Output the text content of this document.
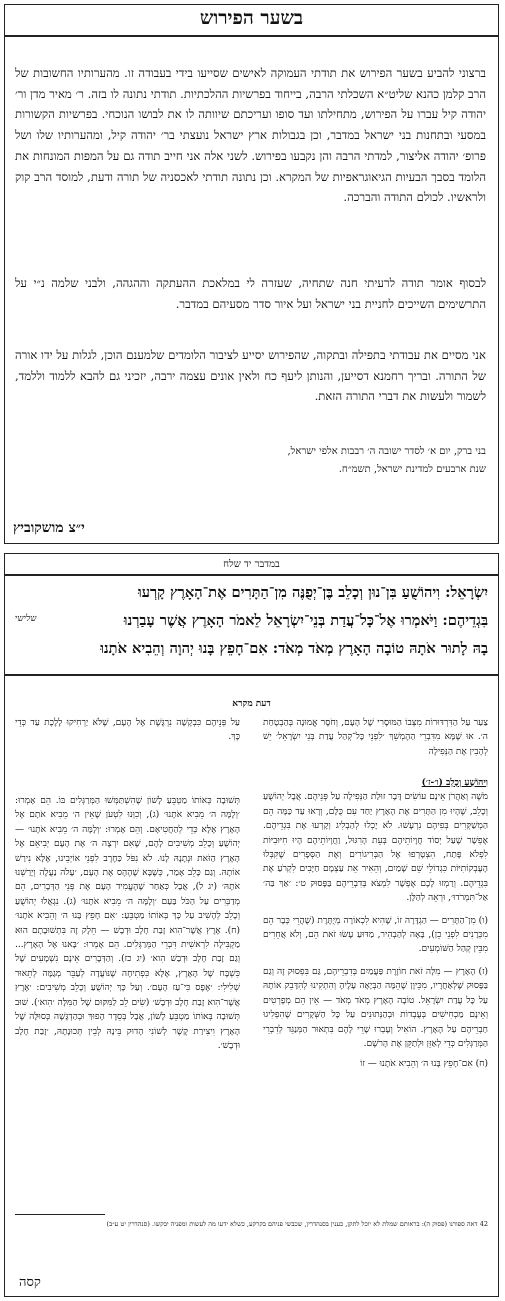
בשער הפירוש
ברצוני להביע בשער הפירוש את תודתי העמוקה לאישים שסייעו בידי בעבודה זו. מהערותיו החשובות של הרב קלמן כהנא שליט״א השכלתי הרבה, בייחוד בפרשיות ההלכתיות. תודתי נתונה לו בזה. ר׳ מאיר מדן ור׳ יהודה קיל עברו על הפירוש, מתחילתו ועד סופו ועריכתם שיוותה לו את לבושו הנוכחי. בפרשיות הקשורות במסעי ובתחנות בני ישראל במדבר, וכן בגבולות ארץ ישראל נועצתי בר׳ יהודה קיל, ומהערותיו שלו ושל פרופ׳ יהודה אליצור, למדתי הרבה והן נקבעו בפירוש. לשני אלה אני חייב תודה גם על המפות המונחות את הלומד בסבך הבעיות הגיאוגראפיות של המקרא. וכן נתונה תודתי לאכסניה של תורה ודעת, למוסד הרב קוק ולראשיו. לכולם התודה והברכה.
לבסוף אומר תודה לרעיתי חנה שתחיה, שעזרה לי במלאכת ההעתקה וההגהה, ולבני שלמה נ״י על התרשימים השייכים לחניית בני ישראל ועל איור סדר מסעיהם במדבר.
אני מסיים את עבודתי בתפילה ובתקוה, שהפירוש יסייע לציבור הלומדים שלמענם הוכן, לגלות על ידו אורה של התורה. ובריך רחמנא דסייען, והנותן ליעף כח ולאין אונים עצמה ירבה, יזכיני גם להבא ללמוד וללמד, לשמור ולעשות את דברי התורה הזאת.
בני ברק, יום א׳ לסדר ישובה ה׳ רבבות אלפי ישראל,
שנת ארבעים למדינת ישראל, תשמ״ח.
י״צ מושקוביץ
במדבר יד שלח
יִשְׂרָאֵל: וִיהוֹשֻׁעַ בִּן־נוּן וְכָלֵב בֶּן־יְפֻנֶּה מִן־הַתָּרִים אֶת־הָאָרֶץ קָרְעוּ
בִּגְדֵיהֶם: וַיֹּאמְרוּ אֶל־כָּל־עֲדַת בְּנֵי־יִשְׂרָאֵל לֵאמֹר הָאָרֶץ אֲשֶׁר עָבַרְנוּ
בָהּ לָתוּר אֹתָהּ טוֹבָה הָאָרֶץ מְאֹד מְאֹד: אִם־חָפֵץ בָּנוּ יְהוָה וְהֵבִיא אֹתָנוּ
שלישי
דעת מקרא
צַעַר עַל הַדִּרְדּוּרוֹת מִצְּבוֹ הַמּוּסָרִי שֶׁל הָעָם, וְחֹסֶר אֱמוּנָה בְּהַבְטָחַת ה׳. אוּ שֶׁמָּא מִדִּבְרֵי הַהֶמְשֵׁךְ ׳לִפְנֵי כָּל־קְהַל עֲדַת בְּנֵי יִשְׂרָאֵל׳ יֵשׁ לְהָבִין אֶת הַנְּפִילָה
עַל פְּנֵיהֶם כִּבְקָשָׁה נִרְגֶּשֶׁת אֶל הָעָם, שֶׁלֹּא יַרְחִיקוּ לָלֶכֶת עַד כְּדֵי כָּךְ.
וִיהוֹשֻׁעַ וְכָלֵב (ו׳-ז׳)
מֹשֶׁה וְאַהֲרֹן אֵינָם עוֹשִׂים דָּבָר זוּלַת הַנְּפִילָה עַל פְּנֵיהֶם. אֲבָל יְהוֹשֻׁעַ וְכָלֵב, שֶׁהָיוּ מִן הַתָּרִים אֶת הָאָרֶץ יַחַד עִם כֻּלָּם, וְרָאוּ עַד כַּמָּה הֵם הַמְשַׁקְּרִים בְּפִיהֶם נִרְעָשׁוּ. לֹא יָכְלוּ לְהַבְלִיג וְקָרְעוּ אֶת בִּגְדֵיהֶם. אֶפְשָׁר שֶׁעַל יְסוֹד חֲוָיוֹתֵיהֶם בְּעֵת הָרִגּוּל, וַחֲוָיוֹתֵיהֶם הָיוּ חִיּוּבִיּוֹת לִפְלֹא פֶּתַח, הִצְטָרְפוּ אֶל הַבְּרִיגוֹרִים וְאֶת הַסְּפָרִים שֶׁקִּבְּלוּ הָעֶבְקוֹתִיּוֹת כִּגְדוֹלֵי שֵׁם שָׁמַיִם, וְהֵאִיר אֵת עַצְמָם חַיָּבִים לִקְרֹעַ אֶת בִּגְדֵיהֶם. וְרַמְזוּ לָכֶם אֶפְשָׁר לִמְצֹא בְּדִבְרֵיהֶם בַּפָּסוּק ט׳: ׳אַךְ בַּה׳ אַל־תִּמְרֹדוּ׳, וּרְאֵה לְהַלָּן.
(ו) מִן־הַתָּרִים — הַגְדָּרָה זוֹ, שֶׁהִיא לִכְאוֹרָה מְיֻתֶּרֶת (שֶׁהֲרֵי כְּבָר הֵם מִכְּרָנִים לִפְנֵי כֵן), בָּאָה לְהַבְהִיר, מַדּוּעַ עָשׂוּ זֹאת הֵם, וְלֹא אֲחֵרִים מִבֵּין קְהַל הַשּׁוֹמְעִים.
(ז) הָאָרֶץ — מִלָּה זֹאת חוֹזֶרֶת פַּעֲמַיִם בְּדִבְרֵיהֶם, גַּם בִּפְסוּק זֶה וְגַם בַּפָּסוּק שֶׁלְּאַחֲרָיו, מִכֵּיוָן שֶׁהֵמָּה הַבְּיָאָה עָלֶיהָ וְהִתְקִינוּ לְהִדָּבֵק אוֹתָהּ עַל כָּל עֲדַת יִשְׂרָאֵל. טוֹבָה הָאָרֶץ מְאֹד מְאֹד — אֵין הֵם מְפָרְטִים וְאֵינָם מַכְחִישִׁים בְּעֻבְדוֹת וּבְהַנְּתוּנִים עַל כָּל הַשְּׁקָרִים שֶׁהִפְלִיגוּ חַבְרֵיהֶם עַל הָאָרֶץ. הוֹאִיל וְעָבְרוּ שָׁרֵי לָהֶם בִּתְאוּר הַמְּנַגֵּד לְדִבְרֵי הַמְּרַגְּלִים כְּדֵי לְאַזֵּן וּלְתַקֵּן אֶת הָרֹשֶׁם.
(ח) אִם־חָפֵץ בָּנוּ ה׳ וְהֵבִיא אֹתָנוּ — זוֹ
תְּשׁוּבָה כְּאוֹתוֹ מַטְבֵּעַ לָשׁוֹן שֶׁהִשְׁתַּמְּשׁוּ הַמְּרַגְּלִים בּוֹ. הֵם אָמְרוּ: ׳וְלָמָּה ה׳ מֵבִיא אֹתָנוּ׳ (ג), וְכִוְּנוּ לִטְעֹן שֶׁאֵין ה׳ מֵבִיא אֹתָם אֶל הָאָרֶץ אֶלָּא כְּדֵי לְהַחֲטִיאָם. וְהֵם אָמְרוּ: ׳וְלָמָּה ה׳ מֵבִיא אֹתָנוּ׳ — יְהוֹשֻׁעַ וְכָלֵב מְשִׁיבִים לָהֶם, שֶׁאִם יִרְצֶה ה׳ אֶת הָעָם יְבִיאֵם אֶל הָאָרֶץ הַזֹּאת וּנְתָנָהּ לָנוּ. לֹא נִפֹּל כַּחֶרֶב לִפְנֵי אוֹיְבֵינוּ, אֶלָּא נִירַשׁ אוֹתָהּ. וְגַם כָּלֵב אָמַר, כְּשֶׁבָּא שֶׁהֶהֶס אֶת הָעָם, ׳עָלֹה נַעֲלֶה וְיָרַשְׁנוּ אֹתָהּ׳ (יג ל), אֲבָל כְּאַחַר שֶׁהֶעֱמִיד הָעָם אֶת פְּנֵי הַדְּבָרִים, הֵם מְדַבְּרִים עַל הַכֹּל בַּעַם ׳וְלָמָּה ה׳ מֵבִיא אֹתָנוּ׳ (ג). נִגְאֲלוּ יְהוֹשֻׁעַ וְכָלֵב לְהָשִׁיב עַל כָּךְ בְּאוֹתוֹ מַטְבֵּעַ: ׳אִם חָפֵץ בָּנוּ ה׳ וְהֵבִיא אֹתָנוּ׳ (ח). אֶרֶץ אֲשֶׁר־הִוא זָבַת חָלָב וּדְבָשׁ — חֵלֶק זֶה בִּתְשׁוּבָתָם הוּא מַקְבִּילָה לִרְאשִׁית דִּבְרֵי הַמְּרַגְּלִים. הֵם אָמְרוּ: ׳בָּאנוּ אֶל הָאָרֶץ... וְגַם זָבַת חָלָב וּדְבַשׁ הִוא׳ (יג כז). וְהַדְּבָרִים אֵינָם נִשְׁמָעִים שֶׁל כִּשְׁבָּח שֶׁל הָאָרֶץ, אֶלָּא כִּפְתִיחָה שֶׁנּוֹעֲדָה לְעַבֵּר מְגַמָּה לְתֵאוּר שְׁלִילִי: ׳אֶפֶס כִּי־עַז הָעָם׳. וְעַל כָּךְ יְהוֹשֻׁעַ וְכָלֵב מְשִׁיבִים: ׳אֶרֶץ אֲשֶׁר־הִוא זָבַת חָלָב וּדְבָשׁ׳ (שִׂים לֵב לַמִּקּוּם שֶׁל הַמִּלָּה ׳הִוא׳). שׁוּב תְּשׁוּבָה בְּאוֹתוֹ מַטְבֵּעַ לָשׁוֹן, אֲבָל בְּסֵדֶר הָפוּךְ וּבְהַדְגָּשָׁה כְּסוּלָּה שֶׁל הָאָרֶץ וִיצִירַת קֶשֶׁר לְשׁוֹנִי הָדוּק בֵּינָהּ לְבֵין תְּכוּנָתָהּ, ׳זָבַת חָלָב וּדְבָשׁ׳.
42 דאה ספורנו (פסוק ה): בראותם שמלת לא יוכל לתקן, כענין בסנהדרין, שכבשי פניהם בקרקע, כשלא ידעו מה לעשות ומפניה יבקשו. (סנהדרין יט ע״ב)
קסה
